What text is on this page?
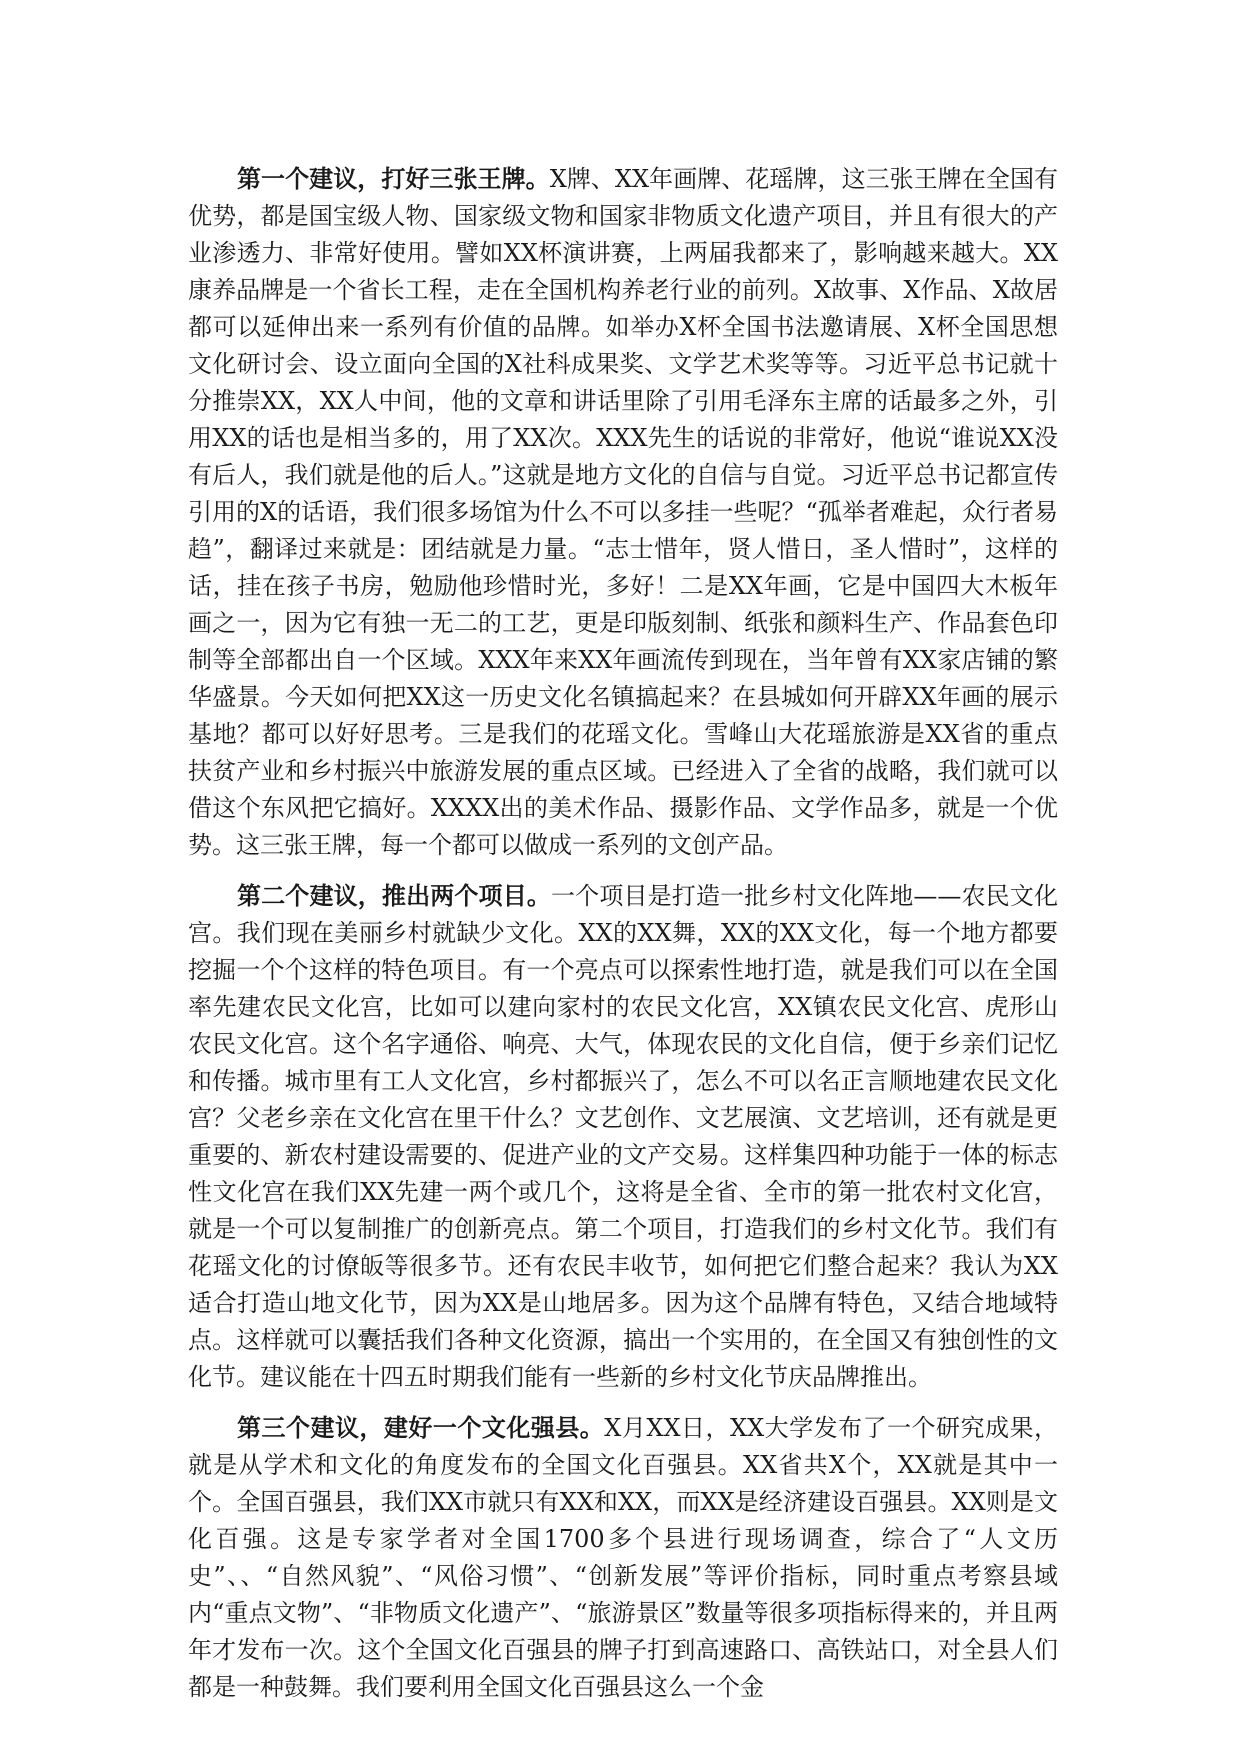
第一个建议，打好三张王牌。X牌、XX年画牌、花瑶牌，这三张王牌在全国有优势，都是国宝级人物、国家级文物和国家非物质文化遗产项目，并且有很大的产业渗透力、非常好使用。譬如XX杯演讲赛，上两届我都来了，影响越来越大。XX康养品牌是一个省长工程，走在全国机构养老行业的前列。X故事、X作品、X故居都可以延伸出来一系列有价值的品牌。如举办X杯全国书法邀请展、X杯全国思想文化研讨会、设立面向全国的X社科成果奖、文学艺术奖等等。习近平总书记就十分推崇XX，XX人中间，他的文章和讲话里除了引用毛泽东主席的话最多之外，引用XX的话也是相当多的，用了XX次。XXX先生的话说的非常好，他说“谁说XX没有后人，我们就是他的后人。”这就是地方文化的自信与自觉。习近平总书记都宣传引用的X的话语，我们很多场馆为什么不可以多挂一些呢？“孤举者难起，众行者易趋”，翻译过来就是：团结就是力量。“志士惜年，贤人惜日，圣人惜时”，这样的话，挂在孩子书房，勉励他珍惜时光，多好！二是XX年画，它是中国四大木板年画之一，因为它有独一无二的工艺，更是印版刻制、纸张和颜料生产、作品套色印制等全部都出自一个区域。XXX年来XX年画流传到现在，当年曾有XX家店铺的繁华盛景。今天如何把XX这一历史文化名镇搞起来？在县城如何开辟XX年画的展示基地？都可以好好思考。三是我们的花瑶文化。雪峰山大花瑶旅游是XX省的重点扶贫产业和乡村振兴中旅游发展的重点区域。已经进入了全省的战略，我们就可以借这个东风把它搞好。XXXX出的美术作品、摄影作品、文学作品多，就是一个优势。这三张王牌，每一个都可以做成一系列的文创产品。

第二个建议，推出两个项目。一个项目是打造一批乡村文化阵地——农民文化宫。我们现在美丽乡村就缺少文化。XX的XX舞，XX的XX文化，每一个地方都要挖掘一个个这样的特色项目。有一个亮点可以探索性地打造，就是我们可以在全国率先建农民文化宫，比如可以建向家村的农民文化宫，XX镇农民文化宫、虎形山农民文化宫。这个名字通俗、响亮、大气，体现农民的文化自信，便于乡亲们记忆和传播。城市里有工人文化宫，乡村都振兴了，怎么不可以名正言顺地建农民文化宫？父老乡亲在文化宫在里干什么？文艺创作、文艺展演、文艺培训，还有就是更重要的、新农村建设需要的、促进产业的文产交易。这样集四种功能于一体的标志性文化宫在我们XX先建一两个或几个，这将是全省、全市的第一批农村文化宫，就是一个可以复制推广的创新亮点。第二个项目，打造我们的乡村文化节。我们有花瑶文化的讨僚皈等很多节。还有农民丰收节，如何把它们整合起来？我认为XX适合打造山地文化节，因为XX是山地居多。因为这个品牌有特色，又结合地域特点。这样就可以囊括我们各种文化资源，搞出一个实用的，在全国又有独创性的文化节。建议能在十四五时期我们能有一些新的乡村文化节庆品牌推出。

第三个建议，建好一个文化强县。X月XX日，XX大学发布了一个研究成果，就是从学术和文化的角度发布的全国文化百强县。XX省共X个，XX就是其中一个。全国百强县，我们XX市就只有XX和XX，而XX是经济建设百强县。XX则是文化百强。这是专家学者对全国1700多个县进行现场调查，综合了“人文历史”、、“自然风貌”、“风俗习惯”、“创新发展”等评价指标，同时重点考察县域内“重点文物”、“非物质文化遗产”、“旅游景区”数量等很多项指标得来的，并且两年才发布一次。这个全国文化百强县的牌子打到高速路口、高铁站口，对全县人们都是一种鼓舞。我们要利用全国文化百强县这么一个金
